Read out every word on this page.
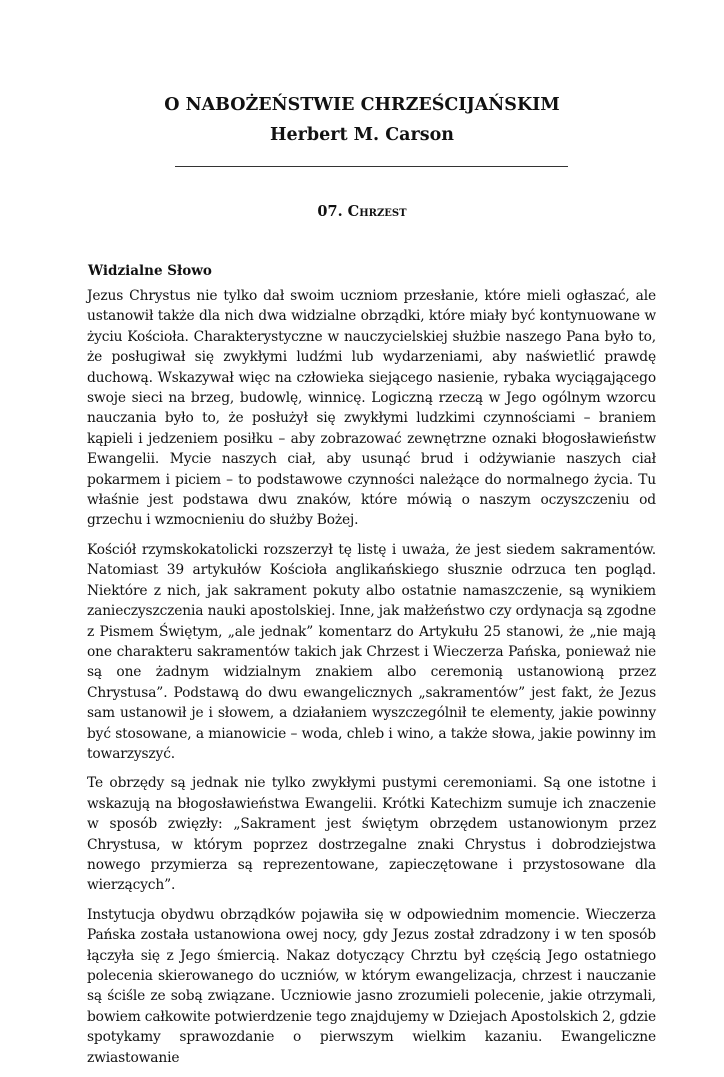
O NABOŻEŃSTWIE CHRZEŚCIJAŃSKIM
Herbert M. Carson
07. Chrzest
Widzialne Słowo

Jezus Chrystus nie tylko dał swoim uczniom przesłanie, które mieli ogłaszać, ale ustanowił także dla nich dwa widzialne obrządki, które miały być kontynuowane w życiu Kościoła. Charakterystyczne w nauczycielskiej służbie naszego Pana było to, że posługiwał się zwykłymi ludźmi lub wydarzeniami, aby naświetlić prawdę duchową. Wskazywał więc na człowieka siejącego nasienie, rybaka wyciągającego swoje sieci na brzeg, budowlę, winnicę. Logiczną rzeczą w Jego ogólnym wzorcu nauczania było to, że posłużył się zwykłymi ludzkimi czynnościami – braniem kąpieli i jedzeniem posiłku – aby zobrazować zewnętrzne oznaki błogosławieństw Ewangelii. Mycie naszych ciał, aby usunąć brud i odżywianie naszych ciał pokarmem i piciem – to podstawowe czynności należące do normalnego życia. Tu właśnie jest podstawa dwu znaków, które mówią o naszym oczyszczeniu od grzechu i wzmocnieniu do służby Bożej.

Kościół rzymskokatolicki rozszerzył tę listę i uważa, że jest siedem sakramentów. Natomiast 39 artykułów Kościoła anglikańskiego słusznie odrzuca ten pogląd. Niektóre z nich, jak sakrament pokuty albo ostatnie namaszczenie, są wynikiem zanieczyszczenia nauki apostolskiej. Inne, jak małżeństwo czy ordynacja są zgodne z Pismem Świętym, „ale jednak” komentarz do Artykułu 25 stanowi, że „nie mają one charakteru sakramentów takich jak Chrzest i Wieczerza Pańska, ponieważ nie są one żadnym widzialnym znakiem albo ceremonią ustanowioną przez Chrystusa”. Podstawą do dwu ewangelicznych „sakramentów” jest fakt, że Jezus sam ustanowił je i słowem, a działaniem wyszczególnił te elementy, jakie powinny być stosowane, a mianowicie – woda, chleb i wino, a także słowa, jakie powinny im towarzyszyć.

Te obrzędy są jednak nie tylko zwykłymi pustymi ceremoniami. Są one istotne i wskazują na błogosławieństwa Ewangelii. Krótki Katechizm sumuje ich znaczenie w sposób zwięzły: „Sakrament jest świętym obrzędem ustanowionym przez Chrystusa, w którym poprzez dostrzegalne znaki Chrystus i dobrodziejstwa nowego przymierza są reprezentowane, zapieczętowane i przystosowane dla wierzących”.

Instytucja obydwu obrządków pojawiła się w odpowiednim momencie. Wieczerza Pańska została ustanowiona owej nocy, gdy Jezus został zdradzony i w ten sposób łączyła się z Jego śmiercią. Nakaz dotyczący Chrztu był częścią Jego ostatniego polecenia skierowanego do uczniów, w którym ewangelizacja, chrzest i nauczanie są ściśle ze sobą związane. Uczniowie jasno zrozumieli polecenie, jakie otrzymali, bowiem całkowite potwierdzenie tego znajdujemy w Dziejach Apostolskich 2, gdzie spotykamy sprawozdanie o pierwszym wielkim kazaniu. Ewangeliczne zwiastowanie
